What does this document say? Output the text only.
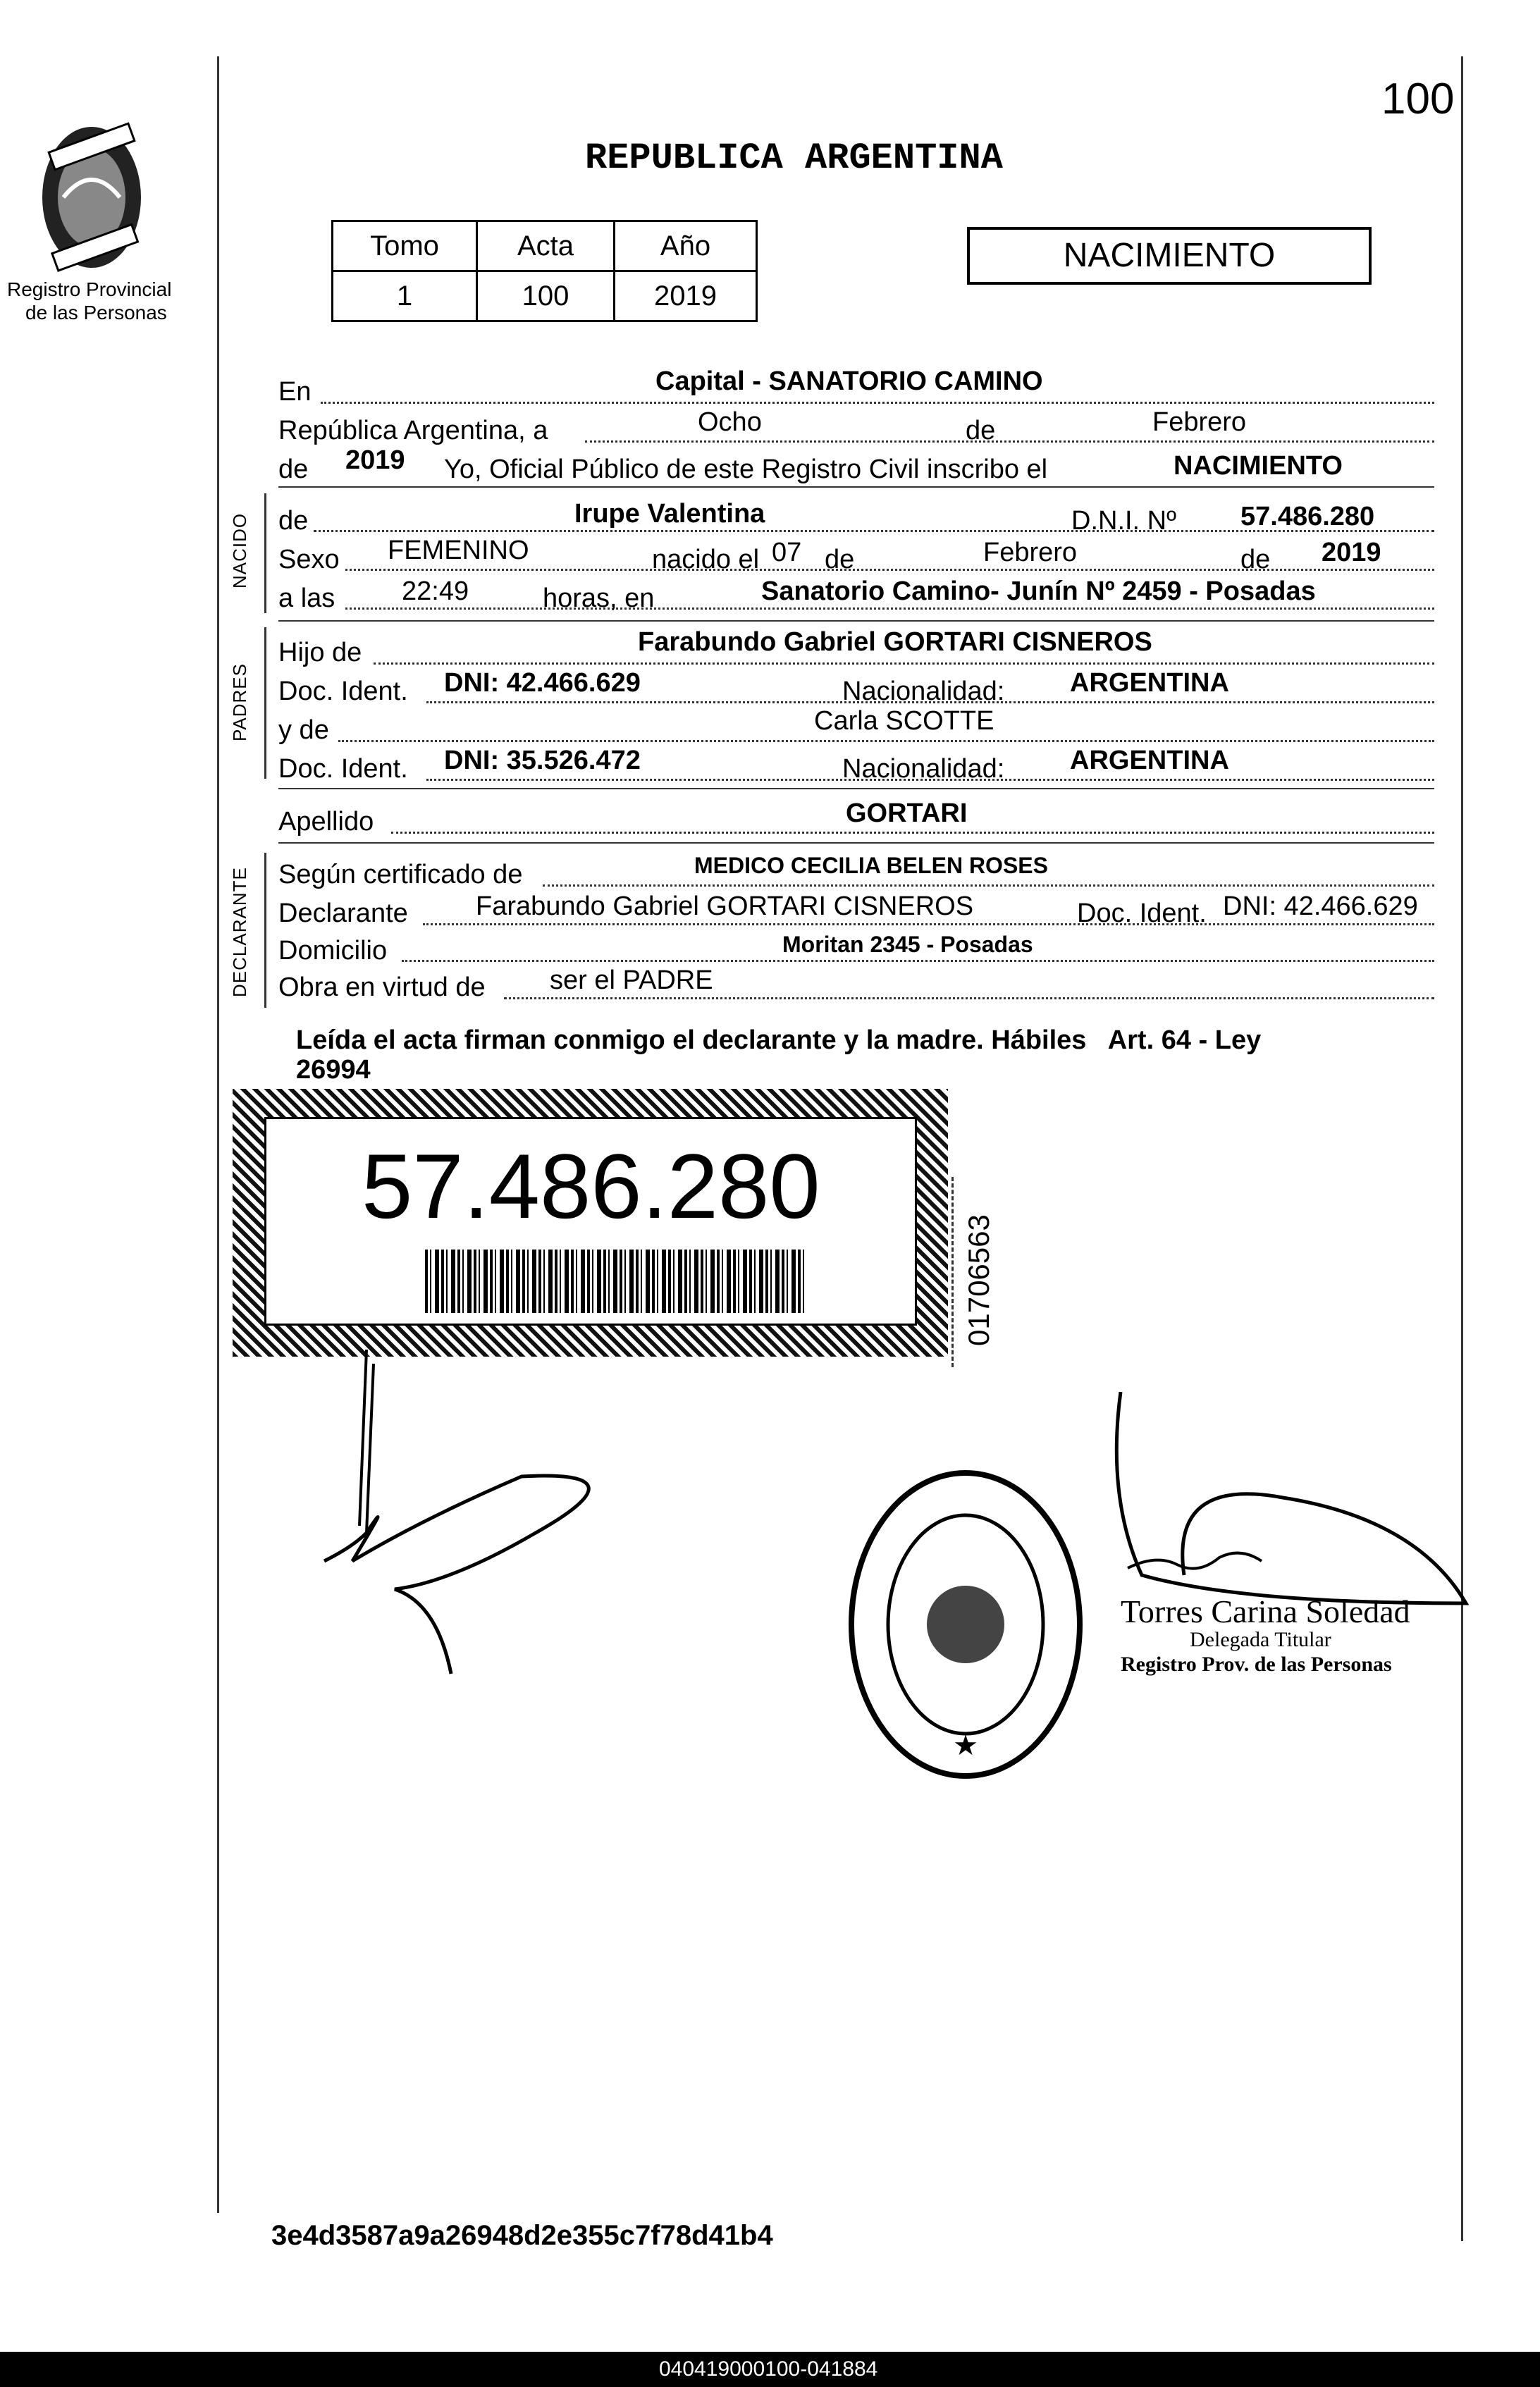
Registro Provincial
de las Personas
100
REPUBLICA ARGENTINA
Tomo	Acta	Año
1	100	2019
NACIMIENTO
En	Capital - SANATORIO CAMINO
República Argentina, a	Ocho	de	Febrero
de 2019 Yo, Oficial Público de este Registro Civil inscribo el	NACIMIENTO
NACIDO de	Irupe Valentina	D.N.I. Nº 57.486.280
Sexo FEMENINO	nacido el 07 de	Febrero	de 2019
a las 22:49	horas, en	Sanatorio Camino- Junín Nº 2459 - Posadas
PADRES
Hijo de	Farabundo Gabriel GORTARI CISNEROS
Doc. Ident. DNI: 42.466.629	Nacionalidad: ARGENTINA
y de	Carla SCOTTE
Doc. Ident. DNI: 35.526.472	Nacionalidad: ARGENTINA
Apellido	GORTARI
DECLARANTE Según certificado de	MEDICO CECILIA BELEN ROSES
Declarante	Farabundo Gabriel GORTARI CISNEROS	Doc. Ident. DNI: 42.466.629
Domicilio	Moritan 2345 - Posadas
Obra en virtud de ser el PADRE
Leída el acta firman conmigo el declarante y la madre. Hábiles   Art. 64 - Ley
26994
57.486.280
01706563
★
Torres Carina Soledad
Delegada Titular
Registro Prov. de las Personas
3e4d3587a9a26948d2e355c7f78d41b4
040419000100-041884
